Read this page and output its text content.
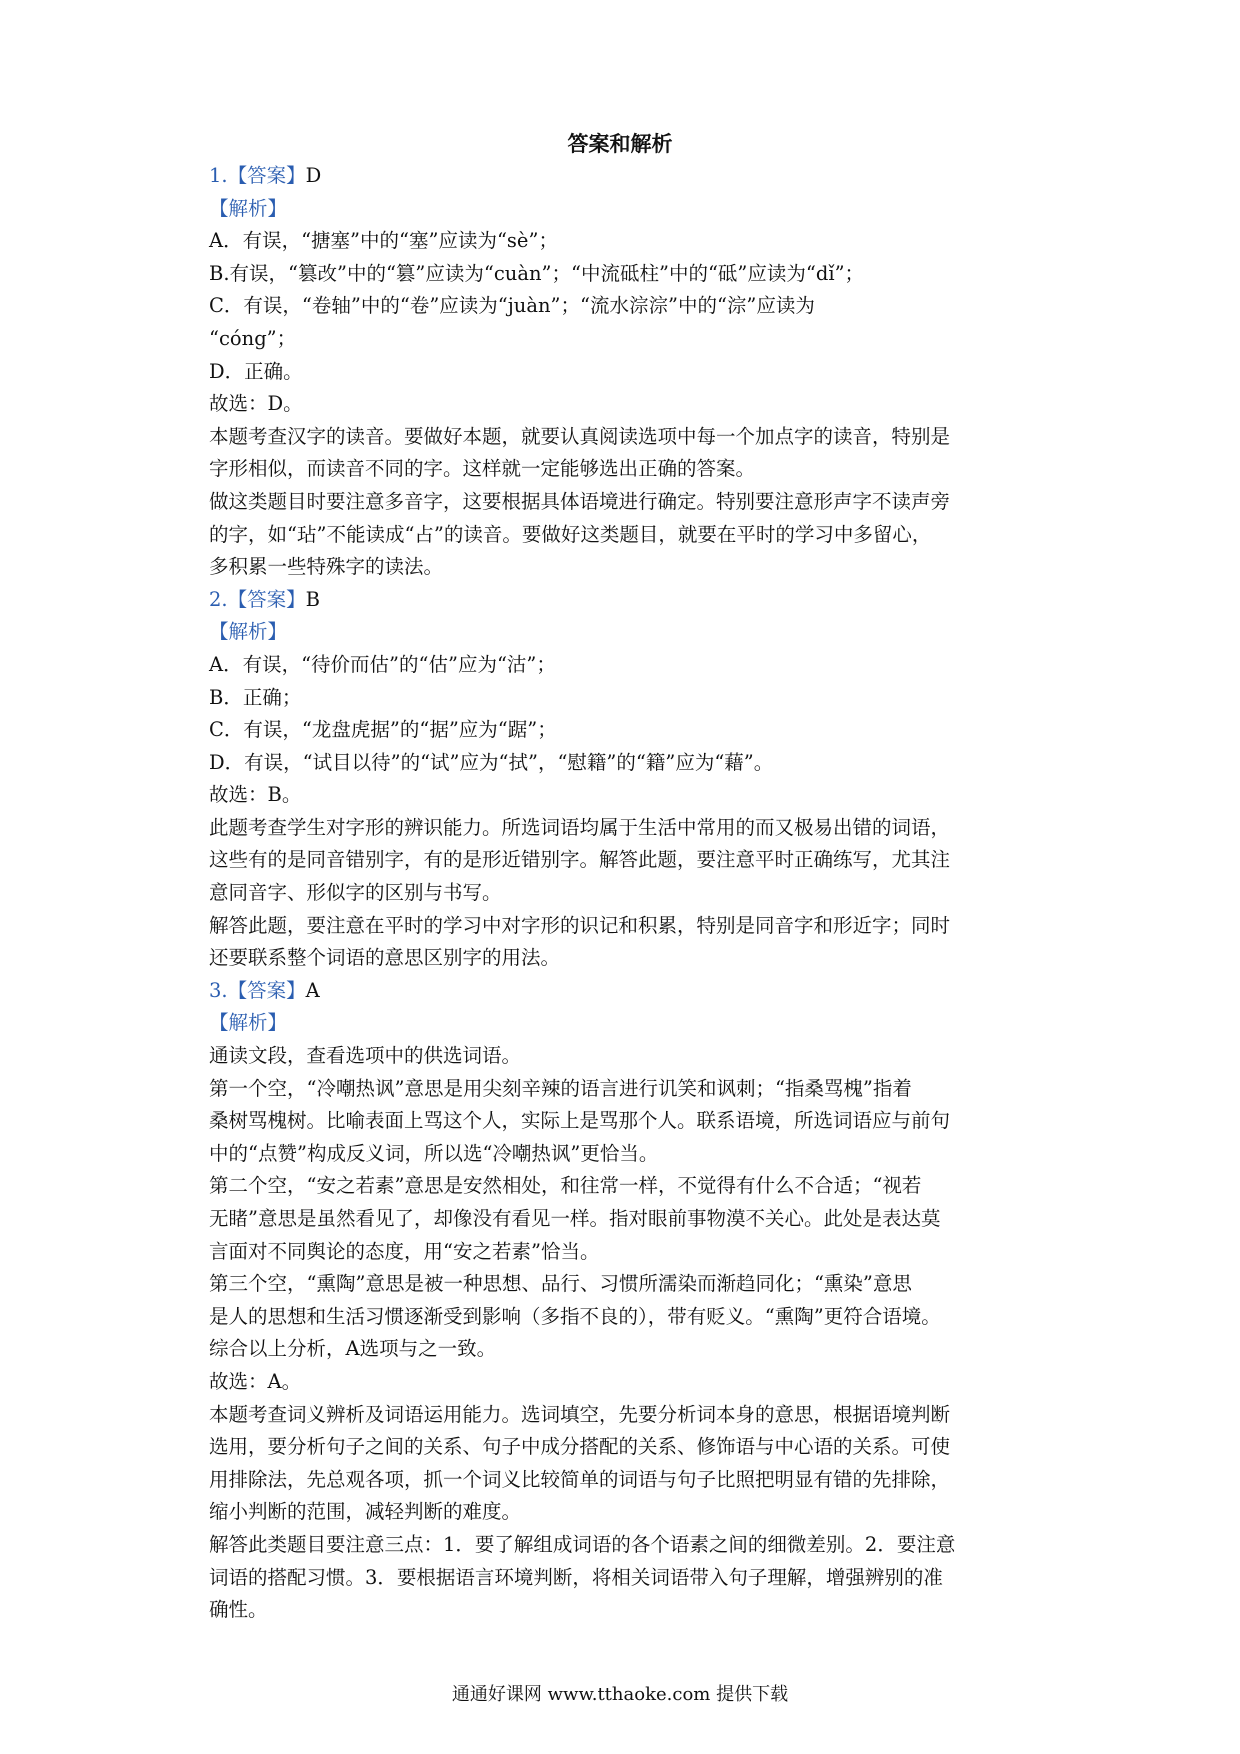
答案和解析

1.【答案】D

【解析】

A．有误，“搪塞”中的“塞”应读为“sè”；

B.有误，“篡改”中的“篡”应读为“cuàn”；“中流砥柱”中的“砥”应读为“dǐ”；

C．有误，“卷轴”中的“卷”应读为“juàn”；“流水淙淙”中的“淙”应读为

“cóng”；

D．正确。

故选：D。

本题考查汉字的读音。要做好本题，就要认真阅读选项中每一个加点字的读音，特别是

字形相似，而读音不同的字。这样就一定能够选出正确的答案。

做这类题目时要注意多音字，这要根据具体语境进行确定。特别要注意形声字不读声旁

的字，如“玷”不能读成“占”的读音。要做好这类题目，就要在平时的学习中多留心，

多积累一些特殊字的读法。

2.【答案】B

【解析】

A．有误，“待价而估”的“估”应为“沽”；

B．正确；

C．有误，“龙盘虎据”的“据”应为“踞”；

D．有误，“试目以待”的“试”应为“拭”，“慰籍”的“籍”应为“藉”。

故选：B。

此题考查学生对字形的辨识能力。所选词语均属于生活中常用的而又极易出错的词语，

这些有的是同音错别字，有的是形近错别字。解答此题，要注意平时正确练写，尤其注

意同音字、形似字的区别与书写。

解答此题，要注意在平时的学习中对字形的识记和积累，特别是同音字和形近字；同时

还要联系整个词语的意思区别字的用法。

3.【答案】A

【解析】

通读文段，查看选项中的供选词语。

第一个空，“冷嘲热讽”意思是用尖刻辛辣的语言进行讥笑和讽刺；“指桑骂槐”指着

桑树骂槐树。比喻表面上骂这个人，实际上是骂那个人。联系语境，所选词语应与前句

中的“点赞”构成反义词，所以选“冷嘲热讽”更恰当。

第二个空，“安之若素”意思是安然相处，和往常一样，不觉得有什么不合适；“视若

无睹”意思是虽然看见了，却像没有看见一样。指对眼前事物漠不关心。此处是表达莫

言面对不同舆论的态度，用“安之若素”恰当。

第三个空，“熏陶”意思是被一种思想、品行、习惯所濡染而渐趋同化；“熏染”意思

是人的思想和生活习惯逐渐受到影响（多指不良的），带有贬义。“熏陶”更符合语境。

综合以上分析，A选项与之一致。

故选：A。

本题考查词义辨析及词语运用能力。选词填空，先要分析词本身的意思，根据语境判断

选用，要分析句子之间的关系、句子中成分搭配的关系、修饰语与中心语的关系。可使

用排除法，先总观各项，抓一个词义比较简单的词语与句子比照把明显有错的先排除，

缩小判断的范围，减轻判断的难度。

解答此类题目要注意三点：1．要了解组成词语的各个语素之间的细微差别。2．要注意

词语的搭配习惯。3．要根据语言环境判断，将相关词语带入句子理解，增强辨别的准

确性。

通通好课网 www.tthaoke.com 提供下载
